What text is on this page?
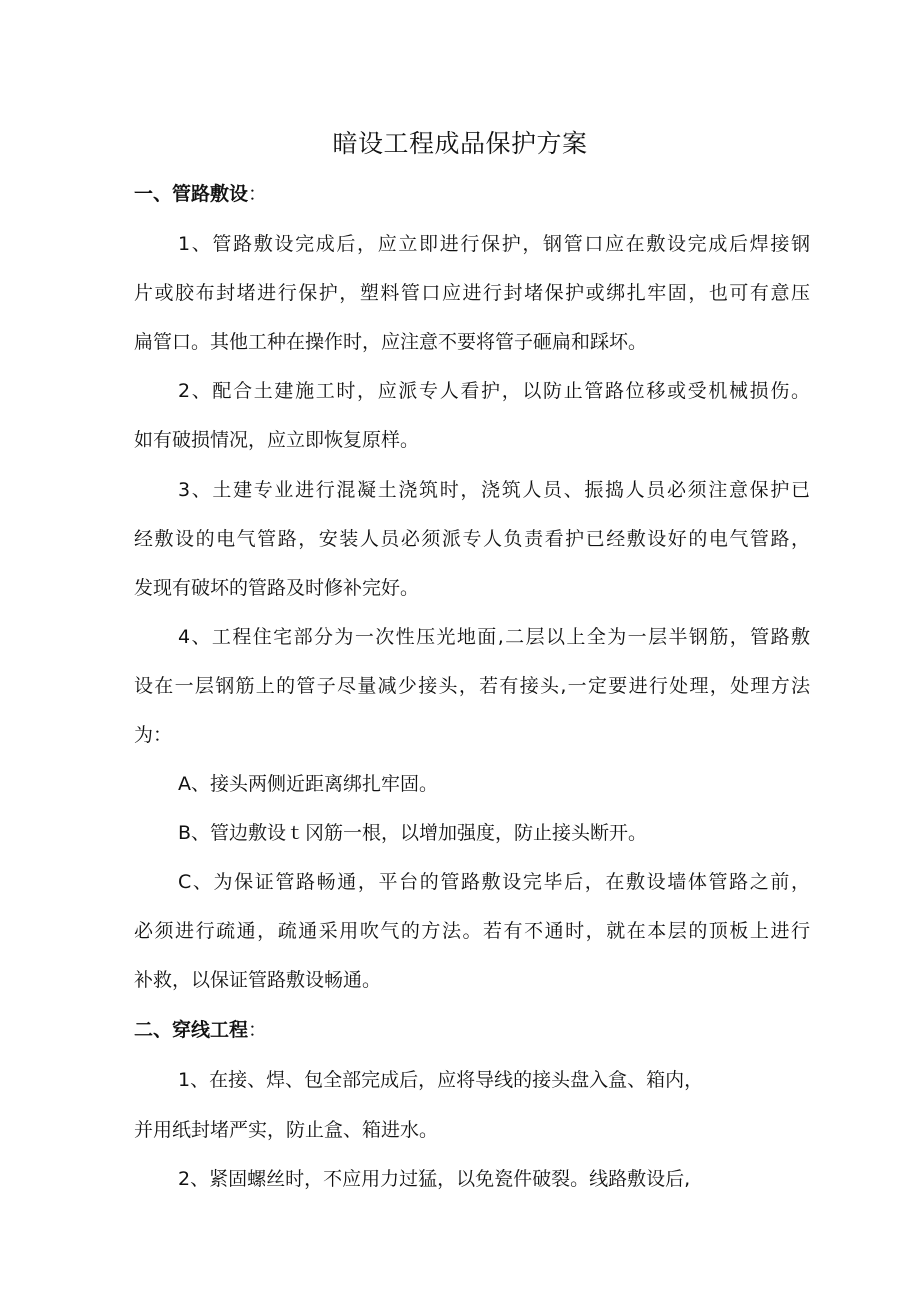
暗设工程成品保护方案
一、管路敷设：

1、管路敷设完成后，应立即进行保护，钢管口应在敷设完成后焊接钢

片或胶布封堵进行保护，塑料管口应进行封堵保护或绑扎牢固，也可有意压

扁管口。其他工种在操作时，应注意不要将管子砸扁和踩坏。

2、配合土建施工时，应派专人看护，以防止管路位移或受机械损伤。

如有破损情况，应立即恢复原样。

3、土建专业进行混凝土浇筑时，浇筑人员、振捣人员必须注意保护已

经敷设的电气管路，安装人员必须派专人负责看护已经敷设好的电气管路，

发现有破坏的管路及时修补完好。

4、工程住宅部分为一次性压光地面,二层以上全为一层半钢筋，管路敷

设在一层钢筋上的管子尽量减少接头，若有接头,一定要进行处理，处理方法

为：

A、接头两侧近距离绑扎牢固。

B、管边敷设ｔ冈筋一根，以增加强度，防止接头断开。

C、为保证管路畅通，平台的管路敷设完毕后，在敷设墙体管路之前，

必须进行疏通，疏通采用吹气的方法。若有不通时，就在本层的顶板上进行

补救，以保证管路敷设畅通。

二、穿线工程：

1、在接、焊、包全部完成后，应将导线的接头盘入盒、箱内，

并用纸封堵严实，防止盒、箱进水。

2、紧固螺丝时，不应用力过猛，以免瓷件破裂。线路敷设后,
